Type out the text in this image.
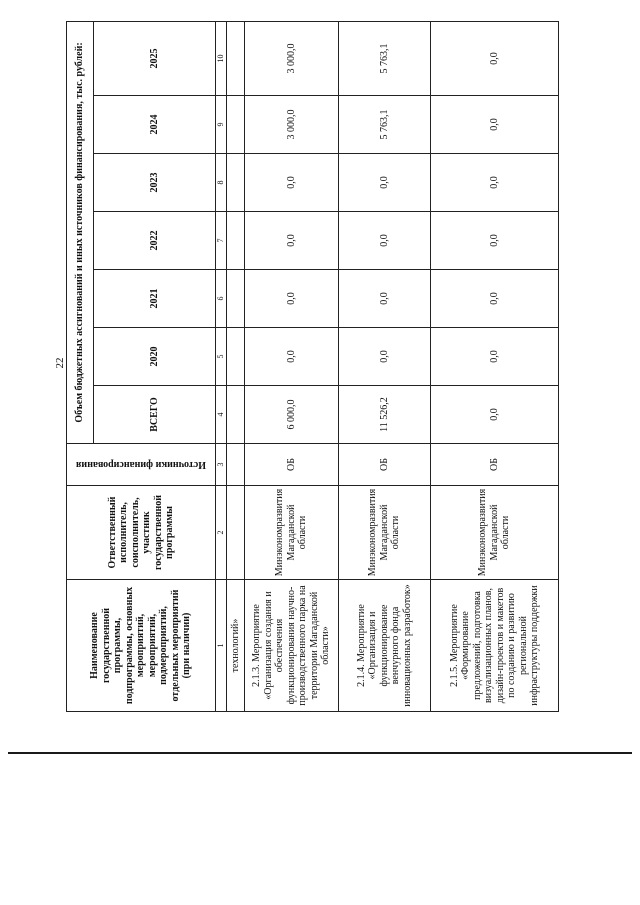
22
Наименование государственной программы, подпрограммы, основных мероприятий, мероприятий, подмероприятий, отдельных мероприятий (при наличии)	Ответственный исполнитель, соисполнитель, участник государственной программы	Источники финансирования	Объем бюджетных ассигнований и иных источников финансирования, тыс. рублей:						
			ВСЕГО	2020	2021	2022	2023	2024	2025
1	2	3	4	5	6	7	8	9	10
технологий»									
2.1.3. Мероприятие «Организация создания и обеспечения функционирования научно-производственного парка на территории Магаданской области»	Минэкономразвития Магаданской области	ОБ	6 000,0	0,0	0,0	0,0	0,0	3 000,0	3 000,0
2.1.4. Мероприятие «Организация и функционирование венчурного фонда инновационных разработок»	Минэкономразвития Магаданской области	ОБ	11 526,2	0,0	0,0	0,0	0,0	5 763,1	5 763,1
2.1.5. Мероприятие «Формирование предложений, подготовка визуализационных планов, дизайн-проектов и макетов по созданию и развитию региональной инфраструктуры поддержки	Минэкономразвития Магаданской области	ОБ	0,0	0,0	0,0	0,0	0,0	0,0	0,0
